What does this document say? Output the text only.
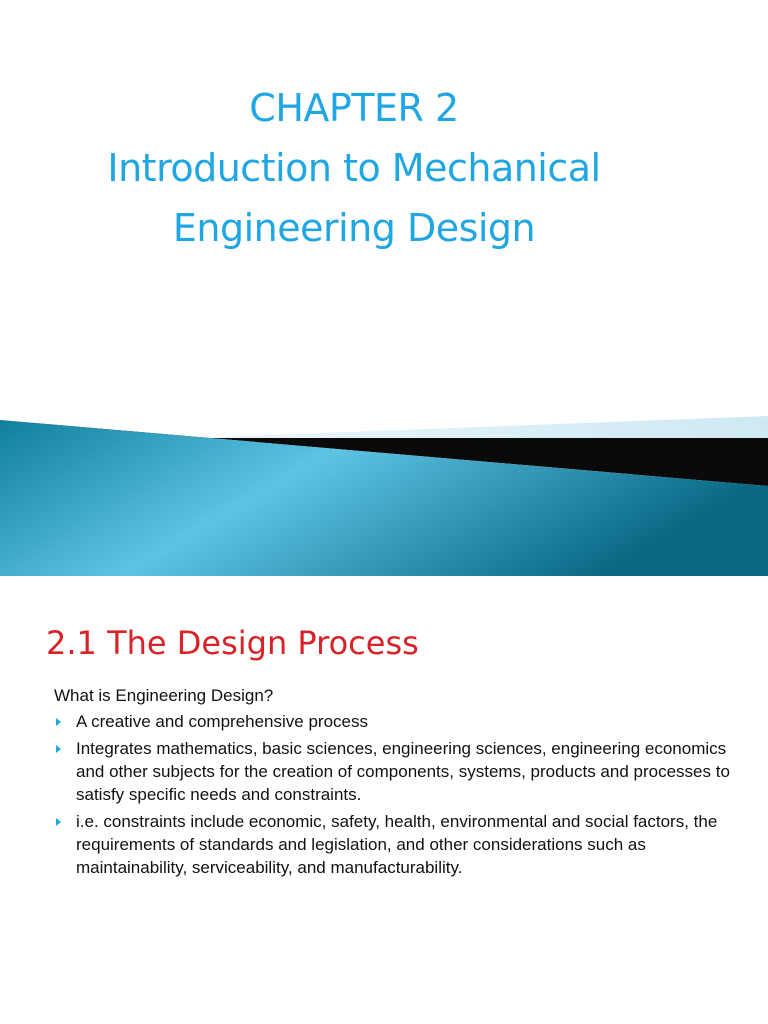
CHAPTER 2
Introduction to Mechanical
Engineering Design
2.1 The Design Process
What is Engineering Design?
A creative and comprehensive process
Integrates mathematics, basic sciences, engineering sciences, engineering economics and other subjects for the creation of components, systems, products and processes to satisfy specific needs and constraints.
i.e. constraints include economic, safety, health, environmental and social factors, the requirements of standards and legislation, and other considerations such as maintainability, serviceability, and manufacturability.
